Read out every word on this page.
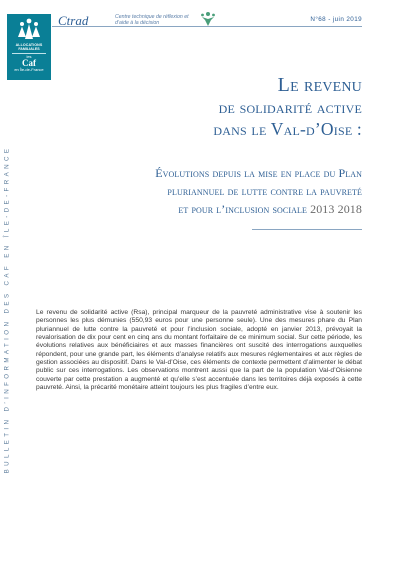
ALLOCATIONS
FAMILIALES
les
Caf
en Île-de-France
Ctrad	Centre technique de réflexion et d’aide à la décision
N°68 - juin 2019
BULLETIN D’INFORMATION DES CAF EN ÎLE-DE-FRANCE
Le revenu
de solidarité active
dans le Val-d’Oise :
Évolutions depuis la mise en place du Plan
pluriannuel de lutte contre la pauvreté
et pour l’inclusion sociale 2013 2018
Le revenu de solidarité active (Rsa), principal marqueur de la pauvreté administrative vise à soutenir les personnes les plus démunies (550,93 euros pour une personne seule). Une des mesures phare du Plan pluriannuel de lutte contre la pauvreté et pour l’inclusion sociale, adopté en janvier 2013, prévoyait la revalorisation de dix pour cent en cinq ans du montant forfaitaire de ce minimum social. Sur cette période, les évolutions relatives aux bénéficiaires et aux masses financières ont suscité des interrogations auxquelles répondent, pour une grande part, les éléments d’analyse relatifs aux mesures réglementaires et aux règles de gestion associées au dispositif. Dans le Val-d’Oise, ces éléments de contexte permettent d’alimenter le débat public sur ces interrogations. Les observations montrent aussi que la part de la population Val-d’Oisienne couverte par cette prestation a augmenté et qu’elle s’est accentuée dans les territoires déjà exposés à cette pauvreté. Ainsi, la précarité monétaire atteint toujours les plus fragiles d’entre eux.
